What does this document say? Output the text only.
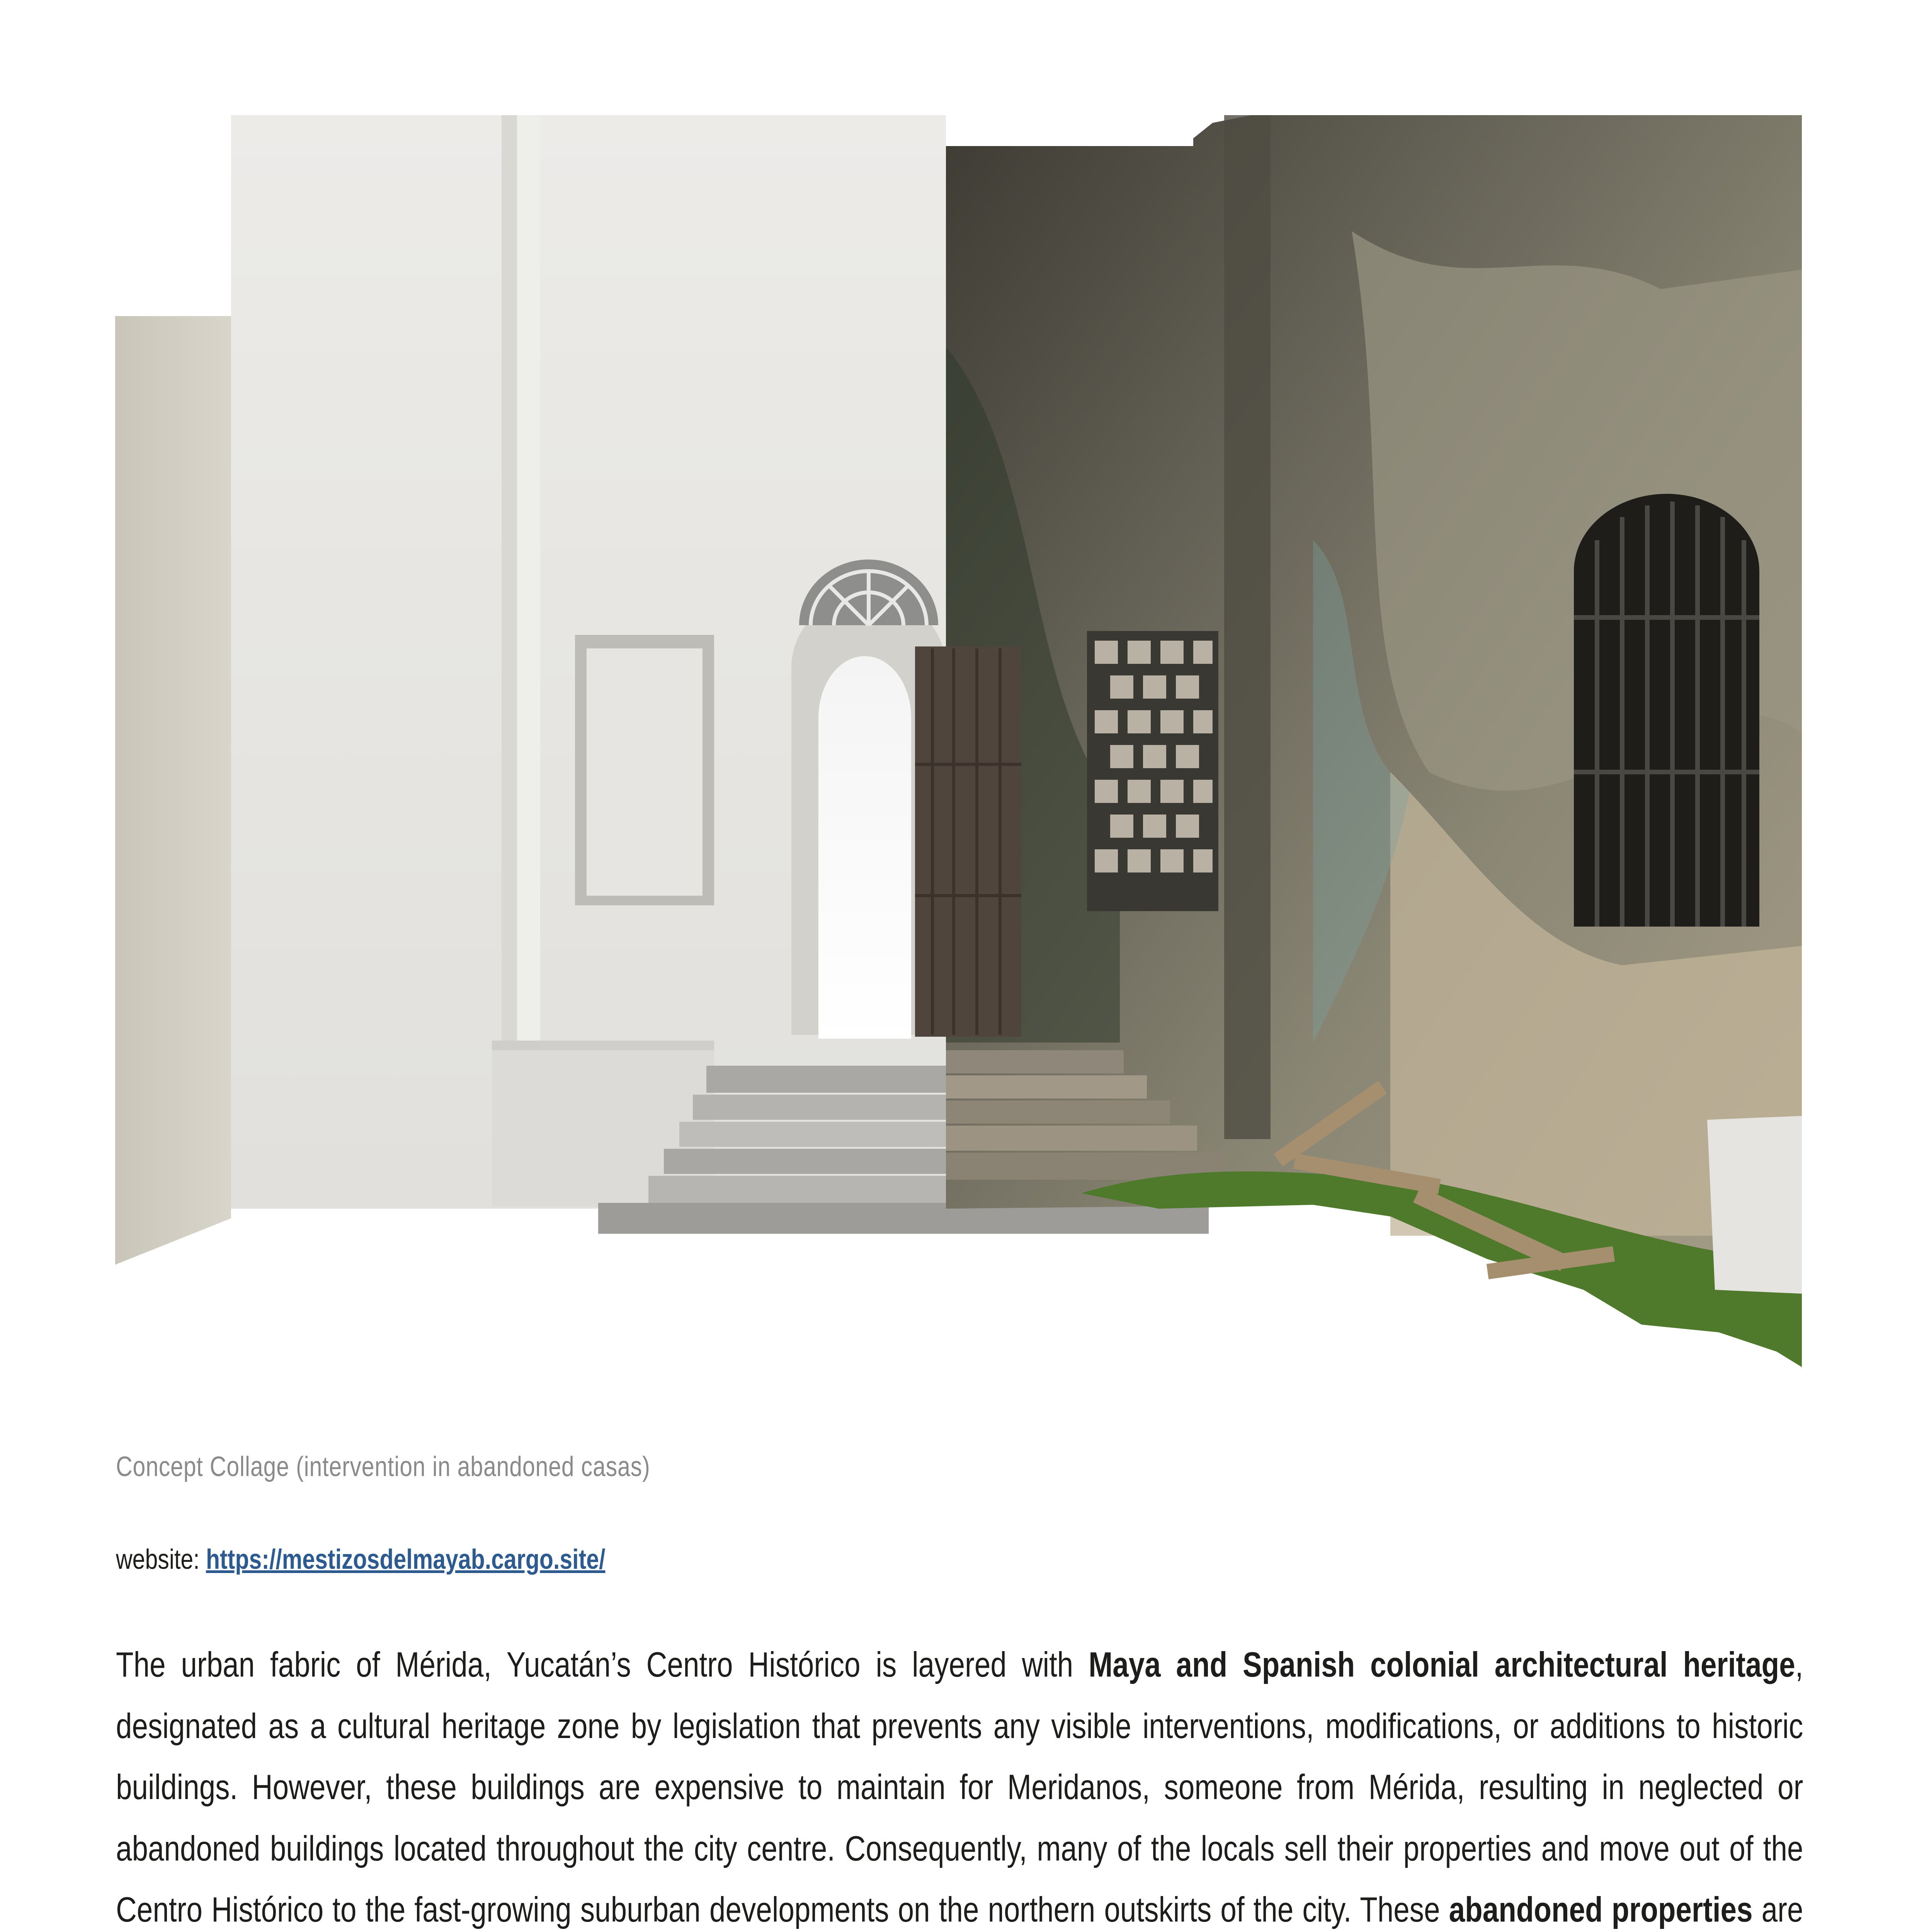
Concept Collage (intervention in abandoned casas)
website: https://mestizosdelmayab.cargo.site/

The urban fabric of Mérida, Yucatán’s Centro Histórico is layered with Maya and Spanish colonial architectural heritage, designated as a cultural heritage zone by legislation that prevents any visible interventions, modifications, or additions to historic buildings. However, these buildings are expensive to maintain for Meridanos, someone from Mérida, resulting in neglected or abandoned buildings located throughout the city centre. Consequently, many of the locals sell their properties and move out of the Centro Histórico to the fast-growing suburban developments on the northern outskirts of the city. These abandoned properties are
